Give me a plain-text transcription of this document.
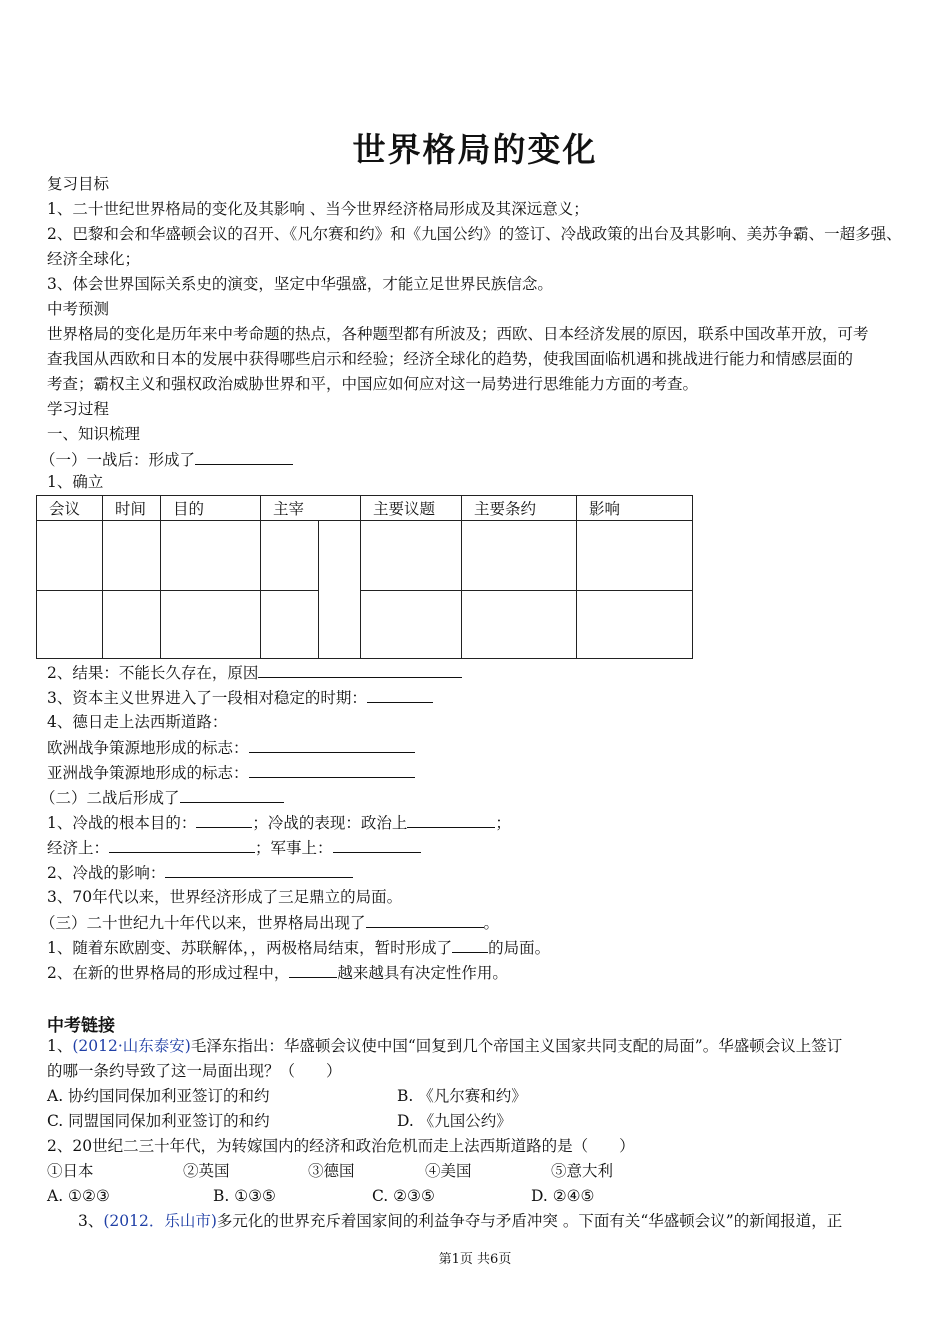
世界格局的变化
复习目标
1、二十世纪世界格局的变化及其影响 、当今世界经济格局形成及其深远意义；
2、巴黎和会和华盛顿会议的召开、《凡尔赛和约》和《九国公约》的签订、冷战政策的出台及其影响、美苏争霸、一超多强、
经济全球化；
3、体会世界国际关系史的演变，坚定中华强盛，才能立足世界民族信念。
中考预测
世界格局的变化是历年来中考命题的热点，各种题型都有所波及；西欧、日本经济发展的原因，联系中国改革开放，可考
查我国从西欧和日本的发展中获得哪些启示和经验；经济全球化的趋势，使我国面临机遇和挑战进行能力和情感层面的
考查；霸权主义和强权政治威胁世界和平，中国应如何应对这一局势进行思维能力方面的考查。
学习过程
一、知识梳理
（一）一战后：形成了
1、确立
会议	时间	目的	主宰		主要议题	主要条约	影响

2、结果：不能长久存在，原因
3、资本主义世界进入了一段相对稳定的时期：
4、德日走上法西斯道路：
欧洲战争策源地形成的标志：
亚洲战争策源地形成的标志：
（二）二战后形成了
1、冷战的根本目的：	；冷战的表现：政治上	；
经济上：	；军事上：
2、冷战的影响：
3、70年代以来，世界经济形成了三足鼎立的局面。
（三）二十世纪九十年代以来，世界格局出现了	。
1、随着东欧剧变、苏联解体，，两极格局结束，暂时形成了 的局面。
2、在新的世界格局的形成过程中，	越来越具有决定性作用。
中考链接
1、(2012·山东泰安)毛泽东指出：华盛顿会议使中国“回复到几个帝国主义国家共同支配的局面”。华盛顿会议上签订
的哪一条约导致了这一局面出现？（　　）
A. 协约国同保加利亚签订的和约	B. 《凡尔赛和约》
C. 同盟国同保加利亚签订的和约	D. 《九国公约》
2、20世纪二三十年代，为转嫁国内的经济和政治危机而走上法西斯道路的是（　　）
①日本	②英国	③德国	④美国	⑤意大利
A. ①②③	B. ①③⑤	C. ②③⑤	D. ②④⑤
3、(2012．乐山市)多元化的世界充斥着国家间的利益争夺与矛盾冲突 。下面有关“华盛顿会议”的新闻报道，正
第1页 共6页
